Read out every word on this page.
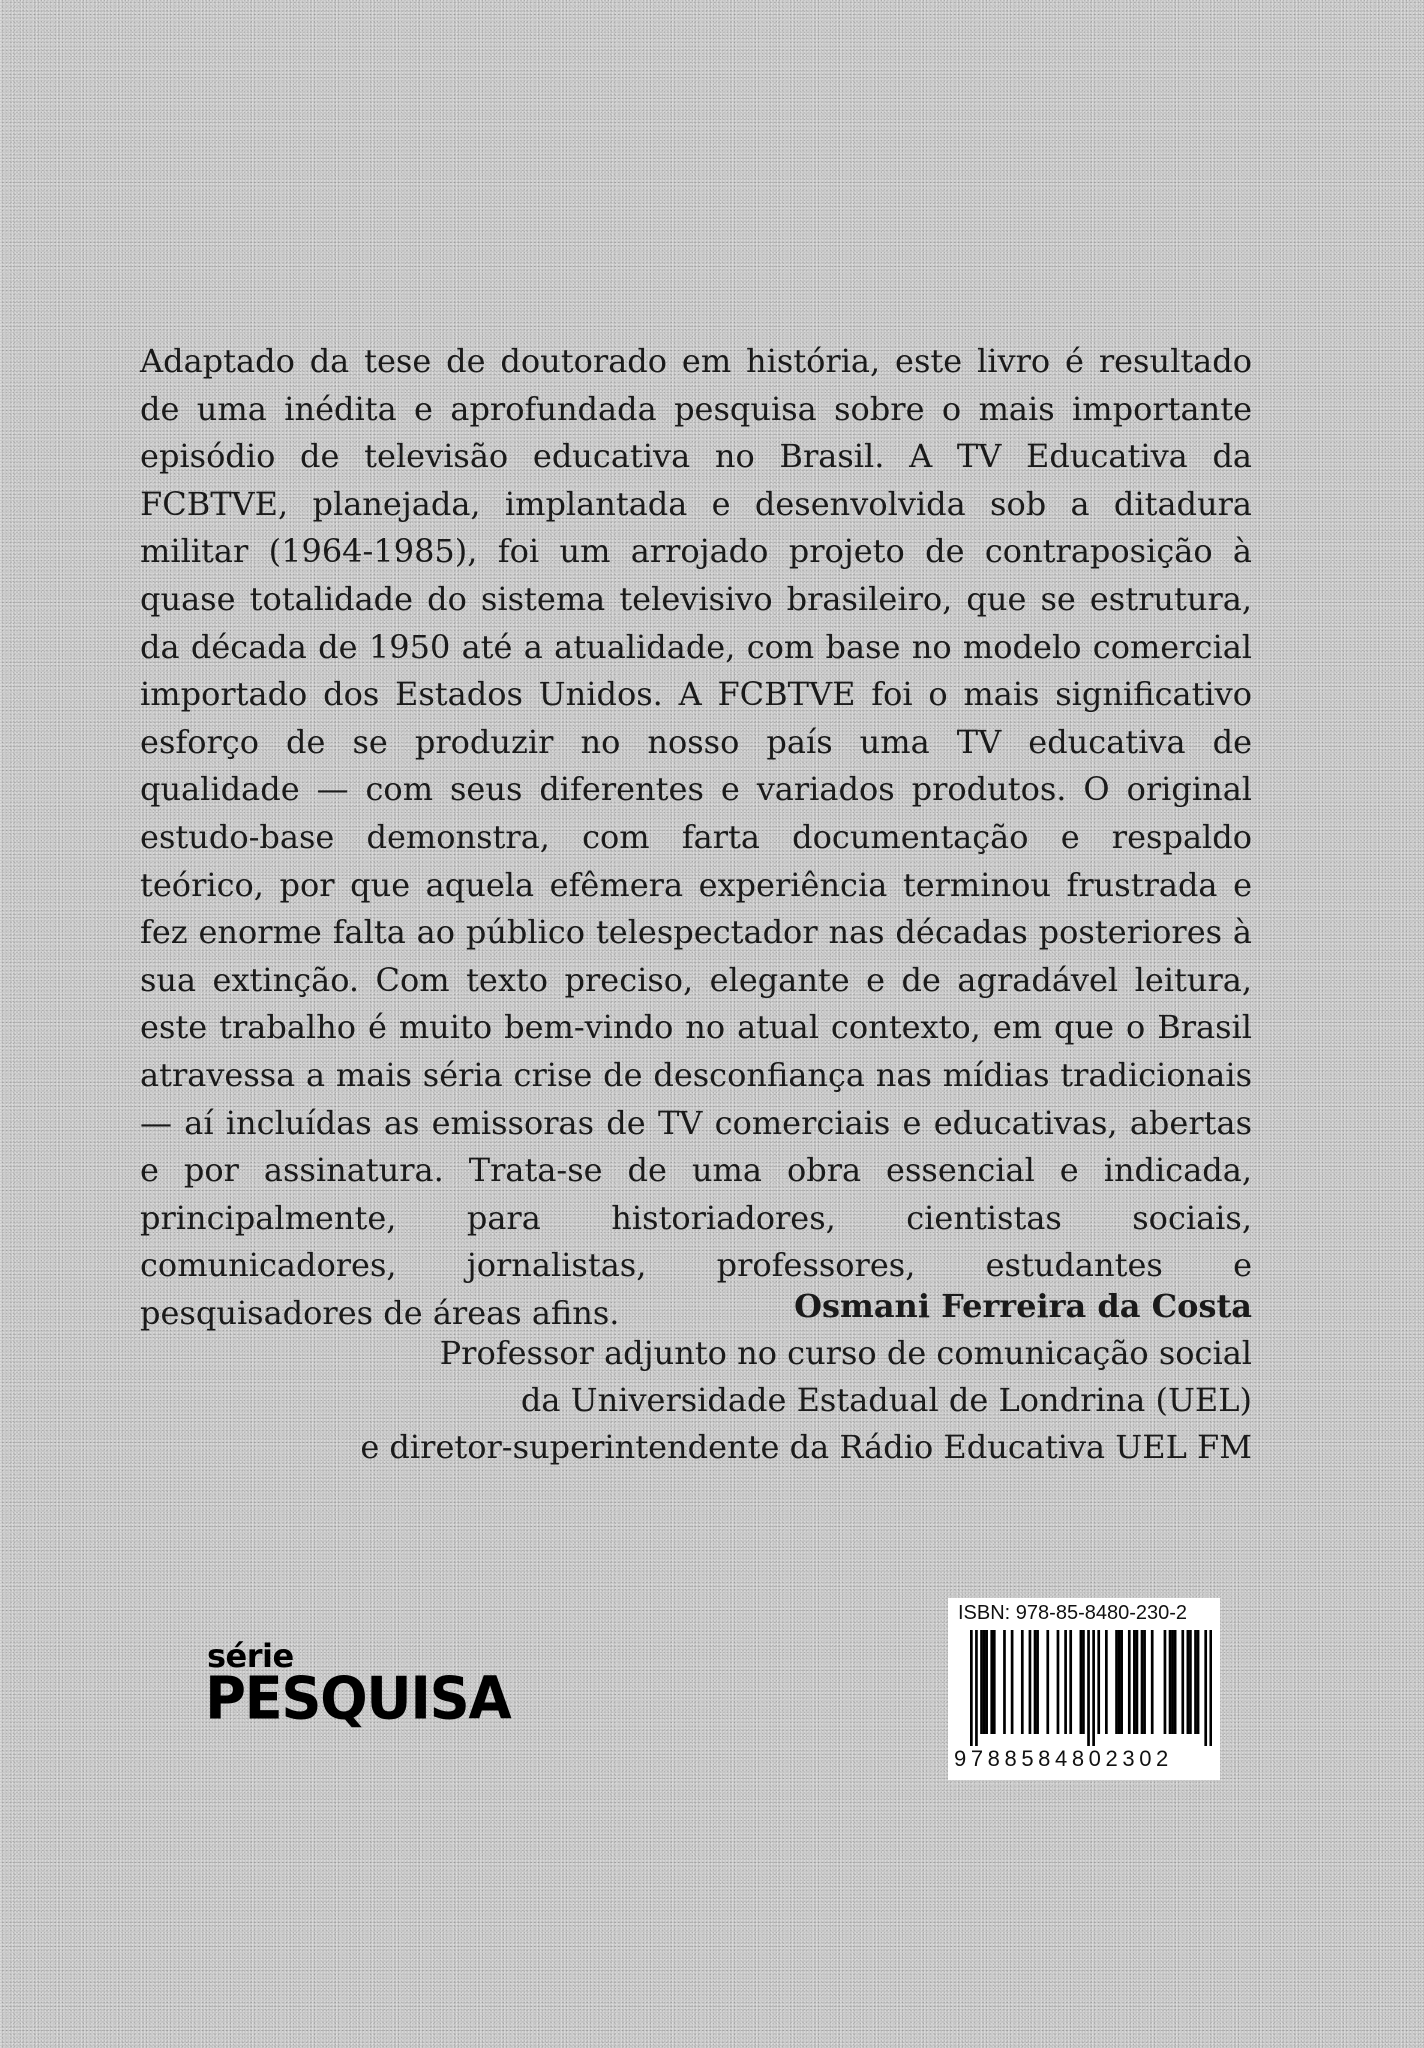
Adaptado da tese de doutorado em história, este livro é resultado de uma inédita e aprofundada pesquisa sobre o mais importante episódio de televisão educativa no Brasil. A TV Educativa da FCBTVE, planejada, implantada e desenvolvida sob a ditadura militar (1964-1985), foi um arrojado projeto de contraposição à quase totalidade do sistema televisivo brasileiro, que se estrutura, da década de 1950 até a atualidade, com base no modelo comercial importado dos Estados Unidos. A FCBTVE foi o mais significativo esforço de se produzir no nosso país uma TV educativa de qualidade — com seus diferentes e variados produtos. O original estudo-base demonstra, com farta documentação e respaldo teórico, por que aquela efêmera experiência terminou frustrada e fez enorme falta ao público telespectador nas décadas posteriores à sua extinção. Com texto preciso, elegante e de agradável leitura, este trabalho é muito bem-vindo no atual contexto, em que o Brasil atravessa a mais séria crise de desconfiança nas mídias tradicionais — aí incluídas as emissoras de TV comerciais e educativas, abertas e por assinatura. Trata-se de uma obra essencial e indicada, principalmente, para historiadores, cientistas sociais, comunicadores, jornalistas, professores, estudantes e pesquisadores de áreas afins.	Osmani Ferreira da Costa
Professor adjunto no curso de comunicação social
da Universidade Estadual de Londrina (UEL)
e diretor-superintendente da Rádio Educativa UEL FM
série
PESQUISA
ISBN: 978-85-8480-230-2
9788584802302
